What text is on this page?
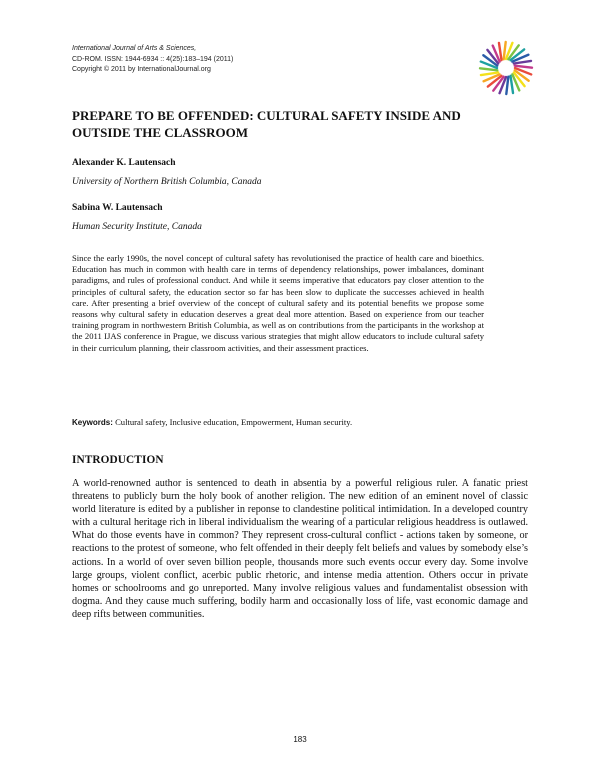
International Journal of Arts & Sciences,
CD-ROM. ISSN: 1944-6934 :: 4(25):183–194 (2011)
Copyright © 2011 by InternationalJournal.org
PREPARE TO BE OFFENDED: CULTURAL SAFETY INSIDE AND
OUTSIDE THE CLASSROOM
Alexander K. Lautensach
University of Northern British Columbia, Canada
Sabina W. Lautensach
Human Security Institute, Canada

Since the early 1990s, the novel concept of cultural safety has revolutionised the practice of health care and bioethics. Education has much in common with health care in terms of dependency relationships, power imbalances, dominant paradigms, and rules of professional conduct. And while it seems imperative that educators pay closer attention to the principles of cultural safety, the education sector so far has been slow to duplicate the successes achieved in health care. After presenting a brief overview of the concept of cultural safety and its potential benefits we propose some reasons why cultural safety in education deserves a great deal more attention. Based on experience from our teacher training program in northwestern British Columbia, as well as on contributions from the participants in the workshop at the 2011 IJAS conference in Prague, we discuss various strategies that might allow educators to include cultural safety in their curriculum planning, their classroom activities, and their assessment practices.

Keywords: Cultural safety, Inclusive education, Empowerment, Human security.
INTRODUCTION

A world-renowned author is sentenced to death in absentia by a powerful religious ruler. A fanatic priest threatens to publicly burn the holy book of another religion. The new edition of an eminent novel of classic world literature is edited by a publisher in reponse to clandestine political intimidation. In a developed country with a cultural heritage rich in liberal individualism the wearing of a particular religious headdress is outlawed. What do those events have in common? They represent cross-cultural conflict - actions taken by someone, or reactions to the protest of someone, who felt offended in their deeply felt beliefs and values by somebody else’s actions. In a world of over seven billion people, thousands more such events occur every day. Some involve large groups, violent conflict, acerbic public rhetoric, and intense media attention. Others occur in private homes or schoolrooms and go unreported. Many involve religious values and fundamentalist obsession with dogma. And they cause much suffering, bodily harm and occasionally loss of life, vast economic damage and deep rifts between communities.

183
